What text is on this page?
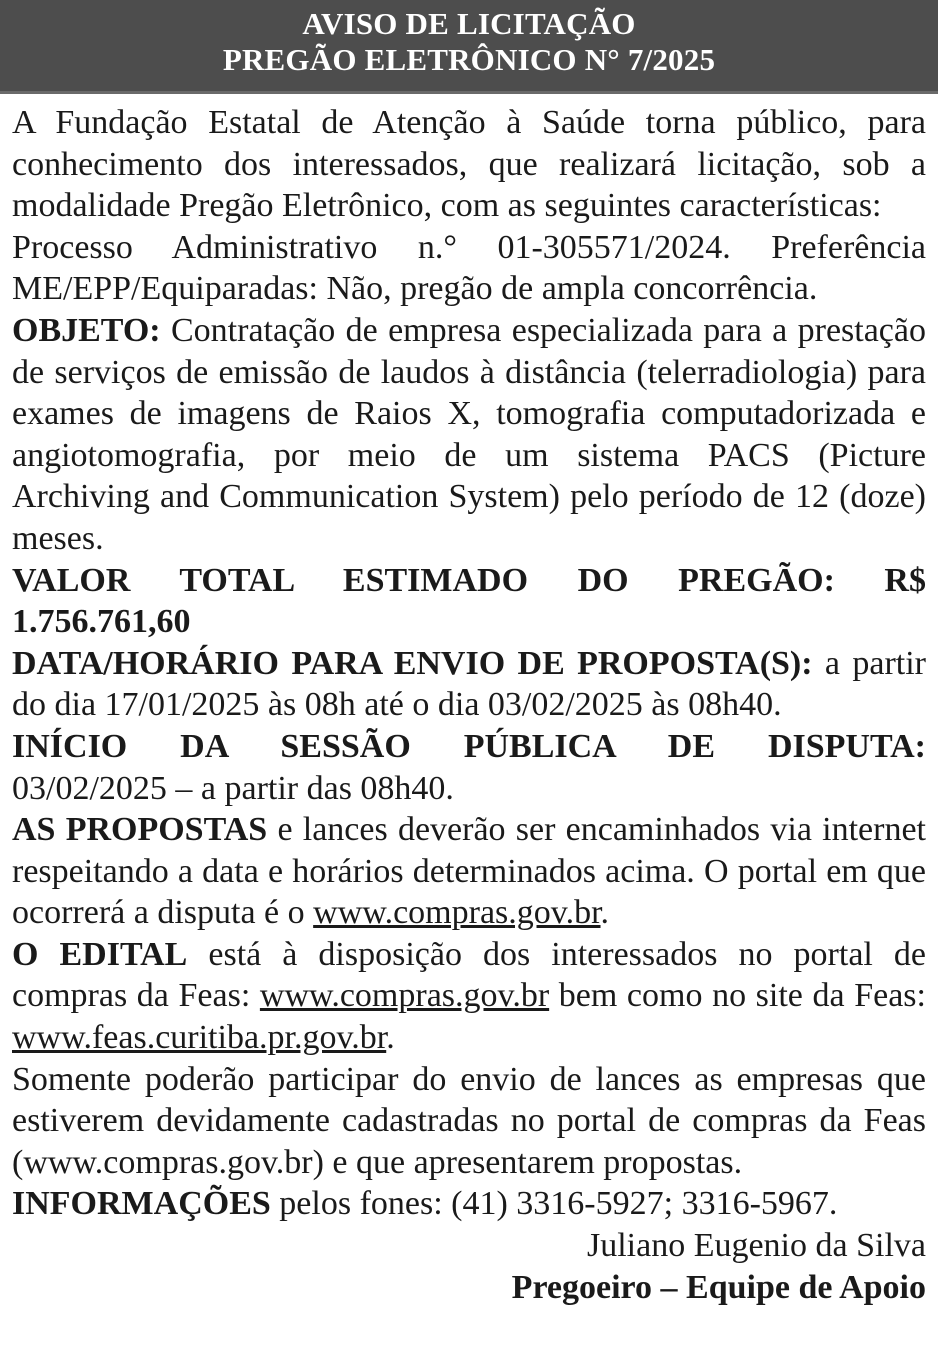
AVISO DE LICITAÇÃO
PREGÃO ELETRÔNICO N° 7/2025

A Fundação Estatal de Atenção à Saúde torna público, para conhecimento dos interessados, que realizará licitação, sob a modalidade Pregão Eletrônico, com as seguintes características:

Processo Administrativo n.° 01-305571/2024. Preferência ME/EPP/Equiparadas: Não, pregão de ampla concorrência.

OBJETO: Contratação de empresa especializada para a prestação de serviços de emissão de laudos à distância (telerradiologia) para exames de imagens de Raios X, tomografia computadorizada e angiotomografia, por meio de um sistema PACS (Picture Archiving and Communication System) pelo período de 12 (doze) meses.

VALOR TOTAL ESTIMADO DO PREGÃO: R$
1.756.761,60

DATA/HORÁRIO PARA ENVIO DE PROPOSTA(S): a partir do dia 17/01/2025 às 08h até o dia 03/02/2025 às 08h40.

INÍCIO DA SESSÃO PÚBLICA DE DISPUTA:
03/02/2025 – a partir das 08h40.

AS PROPOSTAS e lances deverão ser encaminhados via internet respeitando a data e horários determinados acima. O portal em que ocorrerá a disputa é o www.compras.gov.br.

O EDITAL está à disposição dos interessados no portal de compras da Feas: www.compras.gov.br bem como no site da Feas: www.feas.curitiba.pr.gov.br.

Somente poderão participar do envio de lances as empresas que estiverem devidamente cadastradas no portal de compras da Feas (www.compras.gov.br) e que apresentarem propostas.

INFORMAÇÕES pelos fones: (41) 3316-5927; 3316-5967.

Juliano Eugenio da Silva
Pregoeiro – Equipe de Apoio
